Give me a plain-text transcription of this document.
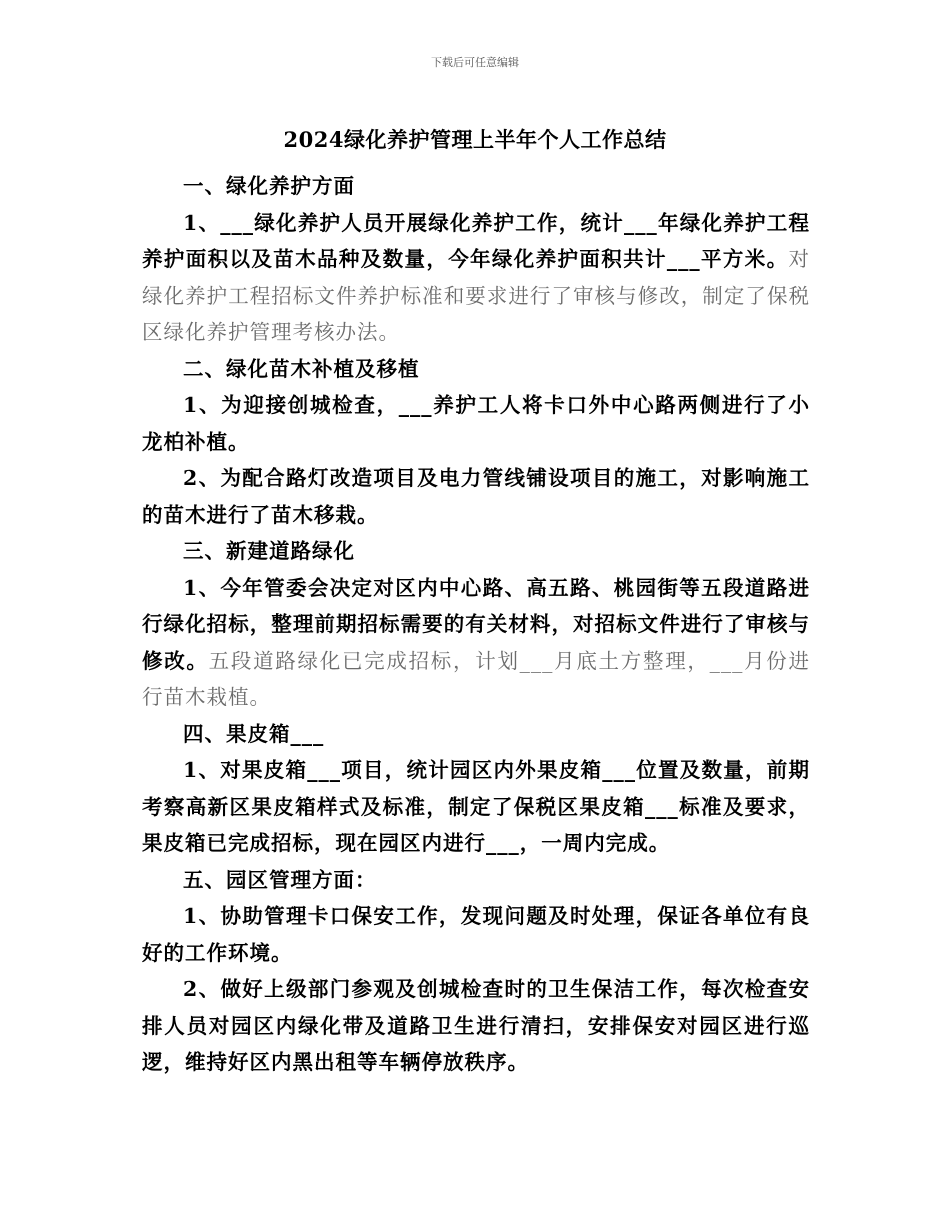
下载后可任意编辑
2024绿化养护管理上半年个人工作总结

一、绿化养护方面

1、___绿化养护人员开展绿化养护工作，统计___年绿化养护工程养护面积以及苗木品种及数量，今年绿化养护面积共计___平方米。对绿化养护工程招标文件养护标准和要求进行了审核与修改，制定了保税区绿化养护管理考核办法。

二、绿化苗木补植及移植

1、为迎接创城检查，___养护工人将卡口外中心路两侧进行了小龙柏补植。

2、为配合路灯改造项目及电力管线铺设项目的施工，对影响施工的苗木进行了苗木移栽。

三、新建道路绿化

1、今年管委会决定对区内中心路、高五路、桃园街等五段道路进行绿化招标，整理前期招标需要的有关材料，对招标文件进行了审核与修改。五段道路绿化已完成招标，计划___月底土方整理，___月份进行苗木栽植。

四、果皮箱___

1、对果皮箱___项目，统计园区内外果皮箱___位置及数量，前期考察高新区果皮箱样式及标准，制定了保税区果皮箱___标准及要求，果皮箱已完成招标，现在园区内进行___，一周内完成。

五、园区管理方面：

1、协助管理卡口保安工作，发现问题及时处理，保证各单位有良好的工作环境。

2、做好上级部门参观及创城检查时的卫生保洁工作，每次检查安排人员对园区内绿化带及道路卫生进行清扫，安排保安对园区进行巡逻，维持好区内黑出租等车辆停放秩序。
